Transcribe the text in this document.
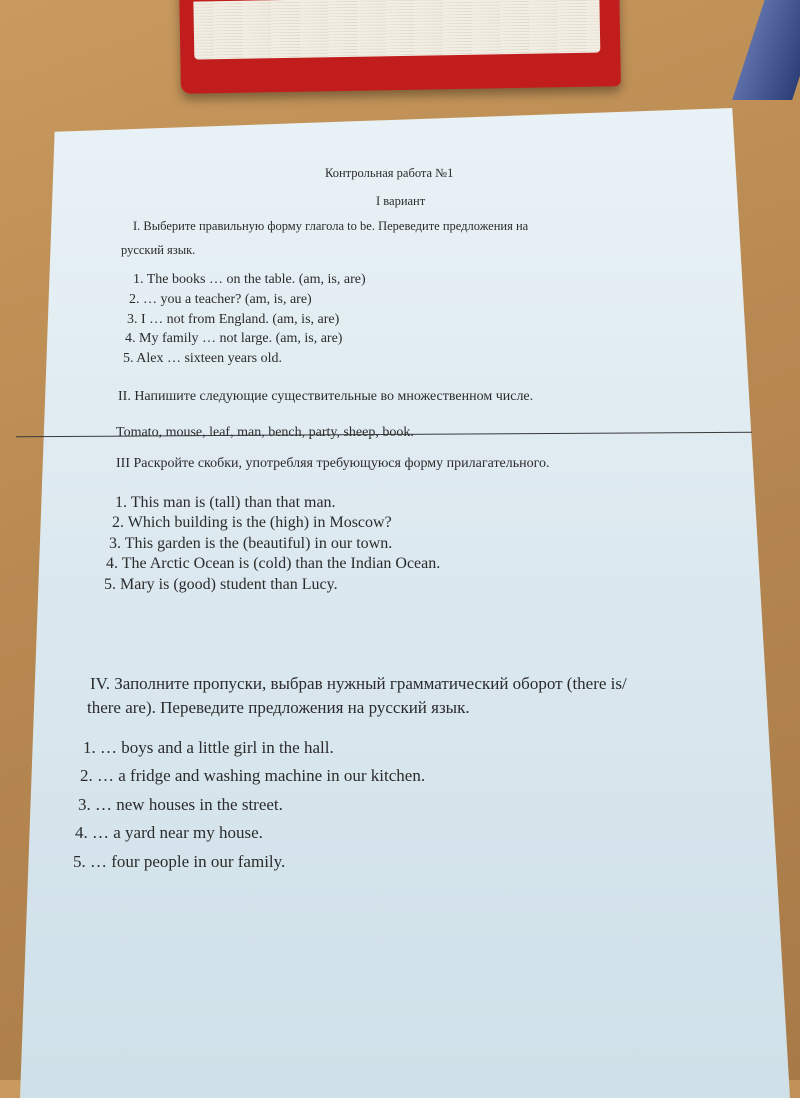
Контрольная работа №1
I вариант
I. Выберите правильную форму глагола to be. Переведите предложения на
русский язык.
1. The books … on the table. (am, is, are)
2. … you a teacher? (am, is, are)
3. I … not from England. (am, is, are)
4. My family … not large. (am, is, are)
5. Alex … sixteen years old.
II. Напишите следующие существительные во множественном числе.
Tomato, mouse, leaf, man, bench, party, sheep, book.
III Раскройте скобки, употребляя требующуюся форму прилагательного.
1. This man is (tall) than that man.
2. Which building is the (high) in Moscow?
3. This garden is the (beautiful) in our town.
4. The Arctic Ocean is (cold) than the Indian Ocean.
5. Mary is (good) student than Lucy.
IV. Заполните пропуски, выбрав нужный грамматический оборот (there is/
there are). Переведите предложения на русский язык.
1. … boys and a little girl in the hall.
2. … a fridge and washing machine in our kitchen.
3. … new houses in the street.
4. … a yard near my house.
5. … four people in our family.
